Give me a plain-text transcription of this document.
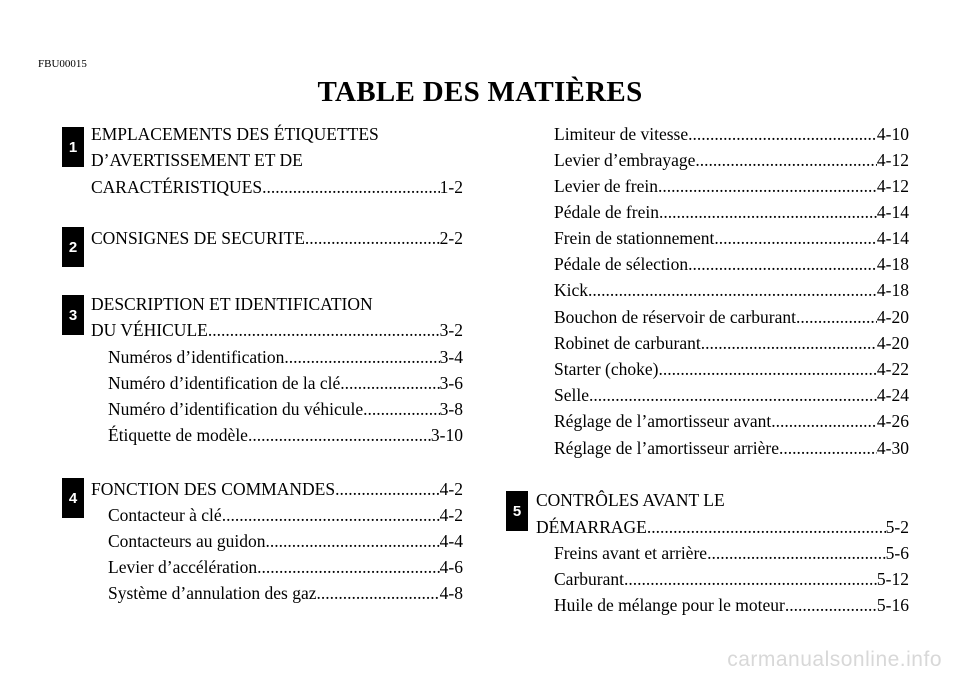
FBU00015
TABLE DES MATIÈRES
1
EMPLACEMENTS DES ÉTIQUETTES
D’AVERTISSEMENT ET DE
CARACTÉRISTIQUES .....	1-2
2 CONSIGNES DE SECURITE .....	2-2
3
DESCRIPTION ET IDENTIFICATION
DU VÉHICULE .....	3-2
Numéros d’identification .....	3-4
Numéro d’identification de la clé .....	3-6
Numéro d’identification du véhicule .....	3-8
Étiquette de modèle .....	3-10
4 FONCTION DES COMMANDES .....	4-2
Contacteur à clé .....	4-2
Contacteurs au guidon .....	4-4
Levier d’accélération .....	4-6
Système d’annulation des gaz .....	4-8
Limiteur de vitesse .....	4-10
Levier d’embrayage .....	4-12
Levier de frein .....	4-12
Pédale de frein .....	4-14
Frein de stationnement .....	4-14
Pédale de sélection .....	4-18
Kick .....	4-18
Bouchon de réservoir de carburant .....	4-20
Robinet de carburant .....	4-20
Starter (choke) .....	4-22
Selle .....	4-24
Réglage de l’amortisseur avant .....	4-26
Réglage de l’amortisseur arrière .....	4-30
5
CONTRÔLES AVANT LE
DÉMARRAGE .....	5-2
Freins avant et arrière .....	5-6
Carburant .....	5-12
Huile de mélange pour le moteur .....	5-16
carmanualsonline.info
